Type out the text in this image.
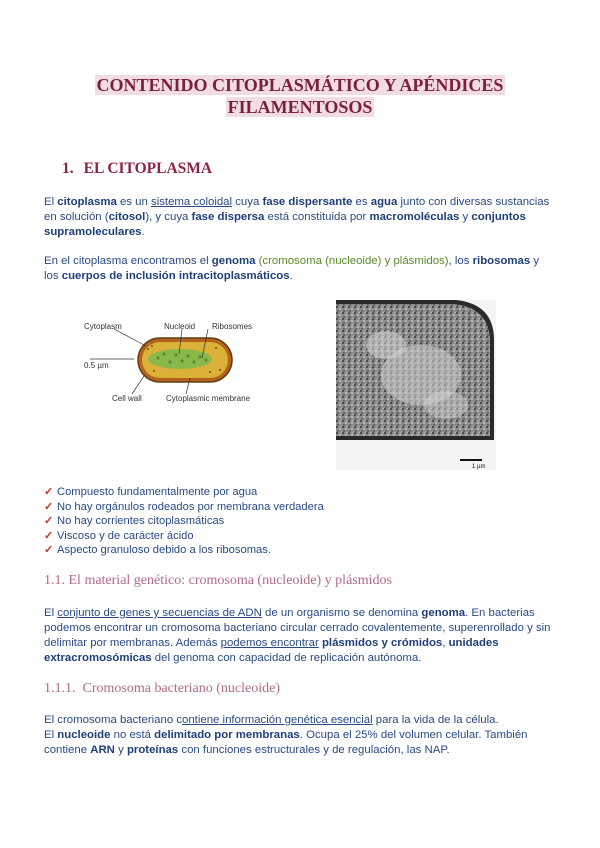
CONTENIDO CITOPLASMÁTICO Y APÉNDICES
FILAMENTOSOS
1. EL CITOPLASMA
El citoplasma es un sistema coloidal cuya fase dispersante es agua junto con diversas sustancias en solución (citosol), y cuya fase dispersa está constituida por macromoléculas y conjuntos supramoleculares.
En el citoplasma encontramos el genoma (cromosoma (nucleoide) y plásmidos), los ribosomas y los cuerpos de inclusión intracitoplasmáticos.
Cytoplasm	Nucleoid Ribosomes
0.5 µm
Cell wall	Cytoplasmic membrane
1 µm
✓ Compuesto fundamentalmente por agua
✓ No hay orgánulos rodeados por membrana verdadera
✓ No hay corrientes citoplasmáticas
✓ Viscoso y de carácter ácido
✓ Aspecto granuloso debido a los ribosomas.
1.1. El material genético: cromosoma (nucleoide) y plásmidos
El conjunto de genes y secuencias de ADN de un organismo se denomina genoma. En bacterias podemos encontrar un cromosoma bacteriano circular cerrado covalentemente, superenrollado y sin delimitar por membranas. Además podemos encontrar plásmidos y crómidos, unidades extracromosómicas del genoma con capacidad de replicación autónoma.
1.1.1. Cromosoma bacteriano (nucleoide)
El cromosoma bacteriano contiene información genética esencial para la vida de la célula.
El nucleoide no está delimitado por membranas. Ocupa el 25% del volumen celular. También contiene ARN y proteínas con funciones estructurales y de regulación, las NAP.
